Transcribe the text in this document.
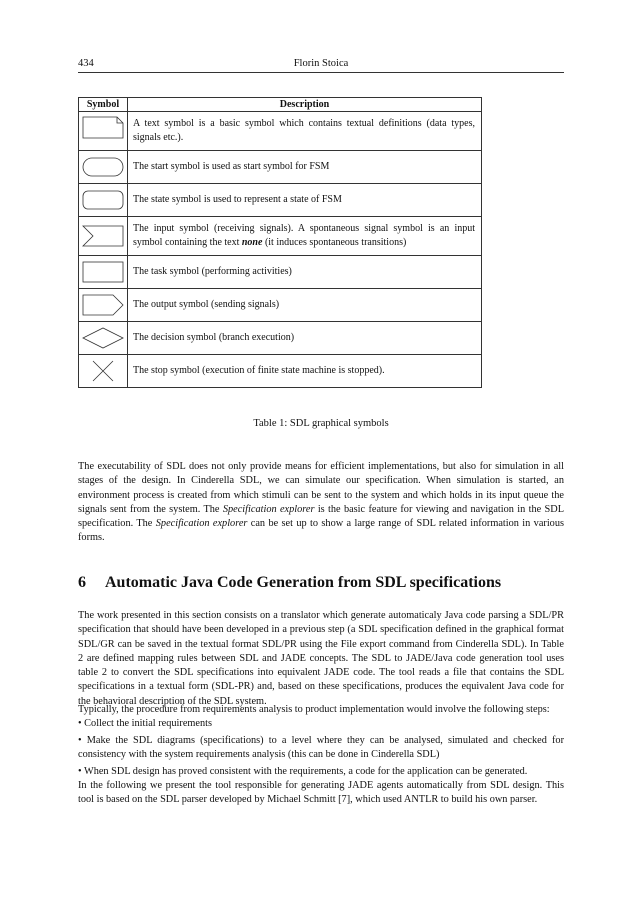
434	Florin Stoica
Symbol	Description

	A text symbol is a basic symbol which contains textual definitions (data types, signals etc.).

	The start symbol is used as start symbol for FSM

	The state symbol is used to represent a state of FSM

	The input symbol (receiving signals). A spontaneous signal symbol is an input symbol containing the text none (it induces spontaneous transitions)

	The task symbol (performing activities)

	The output symbol (sending signals)

	The decision symbol (branch execution)

	The stop symbol (execution of finite state machine is stopped).
Table 1: SDL graphical symbols

The executability of SDL does not only provide means for efficient implementations, but also for simulation in all stages of the design. In Cinderella SDL, we can simulate our specification. When simulation is started, an environment process is created from which stimuli can be sent to the system and which holds in its input queue the signals sent from the system. The Specification explorer is the basic feature for viewing and navigation in the SDL specification. The Specification explorer can be set up to show a large range of SDL related information in various forms.

6 Automatic Java Code Generation from SDL specifications

The work presented in this section consists on a translator which generate automaticaly Java code parsing a SDL/PR specification that should have been developed in a previous step (a SDL specification defined in the graphical format SDL/GR can be saved in the textual format SDL/PR using the File export command from Cinderella SDL). In Table 2 are defined mapping rules between SDL and JADE concepts. The SDL to JADE/Java code generation tool uses table 2 to convert the SDL specifications into equivalent JADE code. The tool reads a file that contains the SDL specifications in a textual form (SDL-PR) and, based on these specifications, produces the equivalent Java code for the behavioral description of the SDL system.

Typically, the procedure from requirements analysis to product implementation would involve the following steps:

• Collect the initial requirements

• Make the SDL diagrams (specifications) to a level where they can be analysed, simulated and checked for consistency with the system requirements analysis (this can be done in Cinderella SDL)

• When SDL design has proved consistent with the requirements, a code for the application can be generated.

In the following we present the tool responsible for generating JADE agents automatically from SDL design. This tool is based on the SDL parser developed by Michael Schmitt [7], which used ANTLR to build his own parser.
